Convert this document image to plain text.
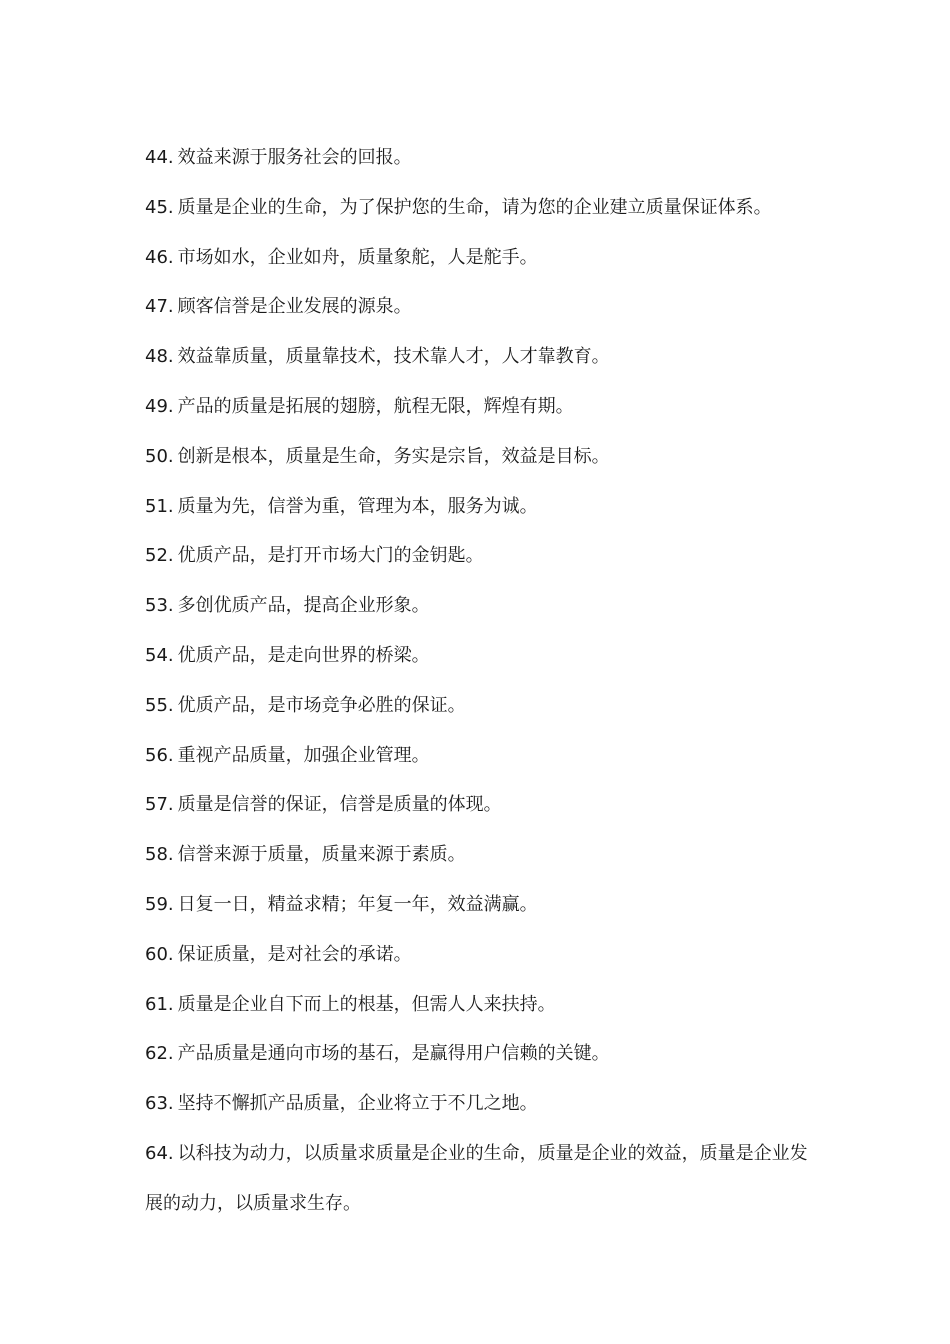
44. 效益来源于服务社会的回报。
45. 质量是企业的生命，为了保护您的生命，请为您的企业建立质量保证体系。
46. 市场如水，企业如舟，质量象舵，人是舵手。
47. 顾客信誉是企业发展的源泉。
48. 效益靠质量，质量靠技术，技术靠人才，人才靠教育。
49. 产品的质量是拓展的翅膀，航程无限，辉煌有期。
50. 创新是根本，质量是生命，务实是宗旨，效益是目标。
51. 质量为先，信誉为重，管理为本，服务为诚。
52. 优质产品，是打开市场大门的金钥匙。
53. 多创优质产品，提高企业形象。
54. 优质产品，是走向世界的桥梁。
55. 优质产品，是市场竞争必胜的保证。
56. 重视产品质量，加强企业管理。
57. 质量是信誉的保证，信誉是质量的体现。
58. 信誉来源于质量，质量来源于素质。
59. 日复一日，精益求精；年复一年，效益满赢。
60. 保证质量，是对社会的承诺。
61. 质量是企业自下而上的根基，但需人人来扶持。
62. 产品质量是通向市场的基石，是赢得用户信赖的关键。
63. 坚持不懈抓产品质量，企业将立于不几之地。
64. 以科技为动力，以质量求质量是企业的生命，质量是企业的效益，质量是企业发展的动力，以质量求生存。
